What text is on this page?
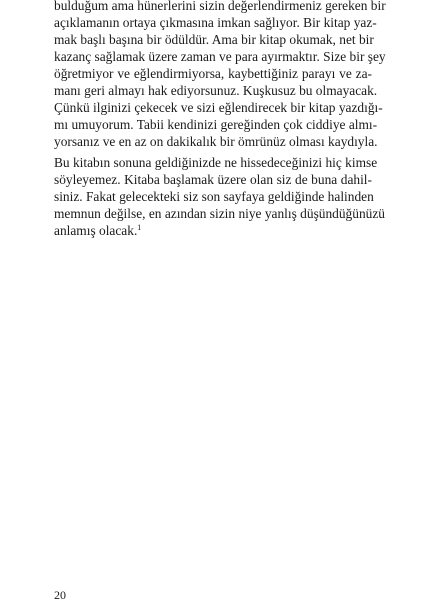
bulduğum ama hünerlerini sizin değerlendirmeniz gereken bir
açıklamanın ortaya çıkmasına imkan sağlıyor. Bir kitap yaz-
mak başlı başına bir ödüldür. Ama bir kitap okumak, net bir
kazanç sağlamak üzere zaman ve para ayırmaktır. Size bir şey
öğretmiyor ve eğlendirmiyorsa, kaybettiğiniz parayı ve za-
manı geri almayı hak ediyorsunuz. Kuşkusuz bu olmayacak.
Çünkü ilginizi çekecek ve sizi eğlendirecek bir kitap yazdığı-
mı umuyorum. Tabii kendinizi gereğinden çok ciddiye almı-
yorsanız ve en az on dakikalık bir ömrünüz olması kaydıyla.
Bu kitabın sonuna geldiğinizde ne hissedeceğinizi hiç kimse
söyleyemez. Kitaba başlamak üzere olan siz de buna dahil-
siniz. Fakat gelecekteki siz son sayfaya geldiğinde halinden
memnun değilse, en azından sizin niye yanlış düşündüğünüzü
anlamış olacak.$^1$
20
